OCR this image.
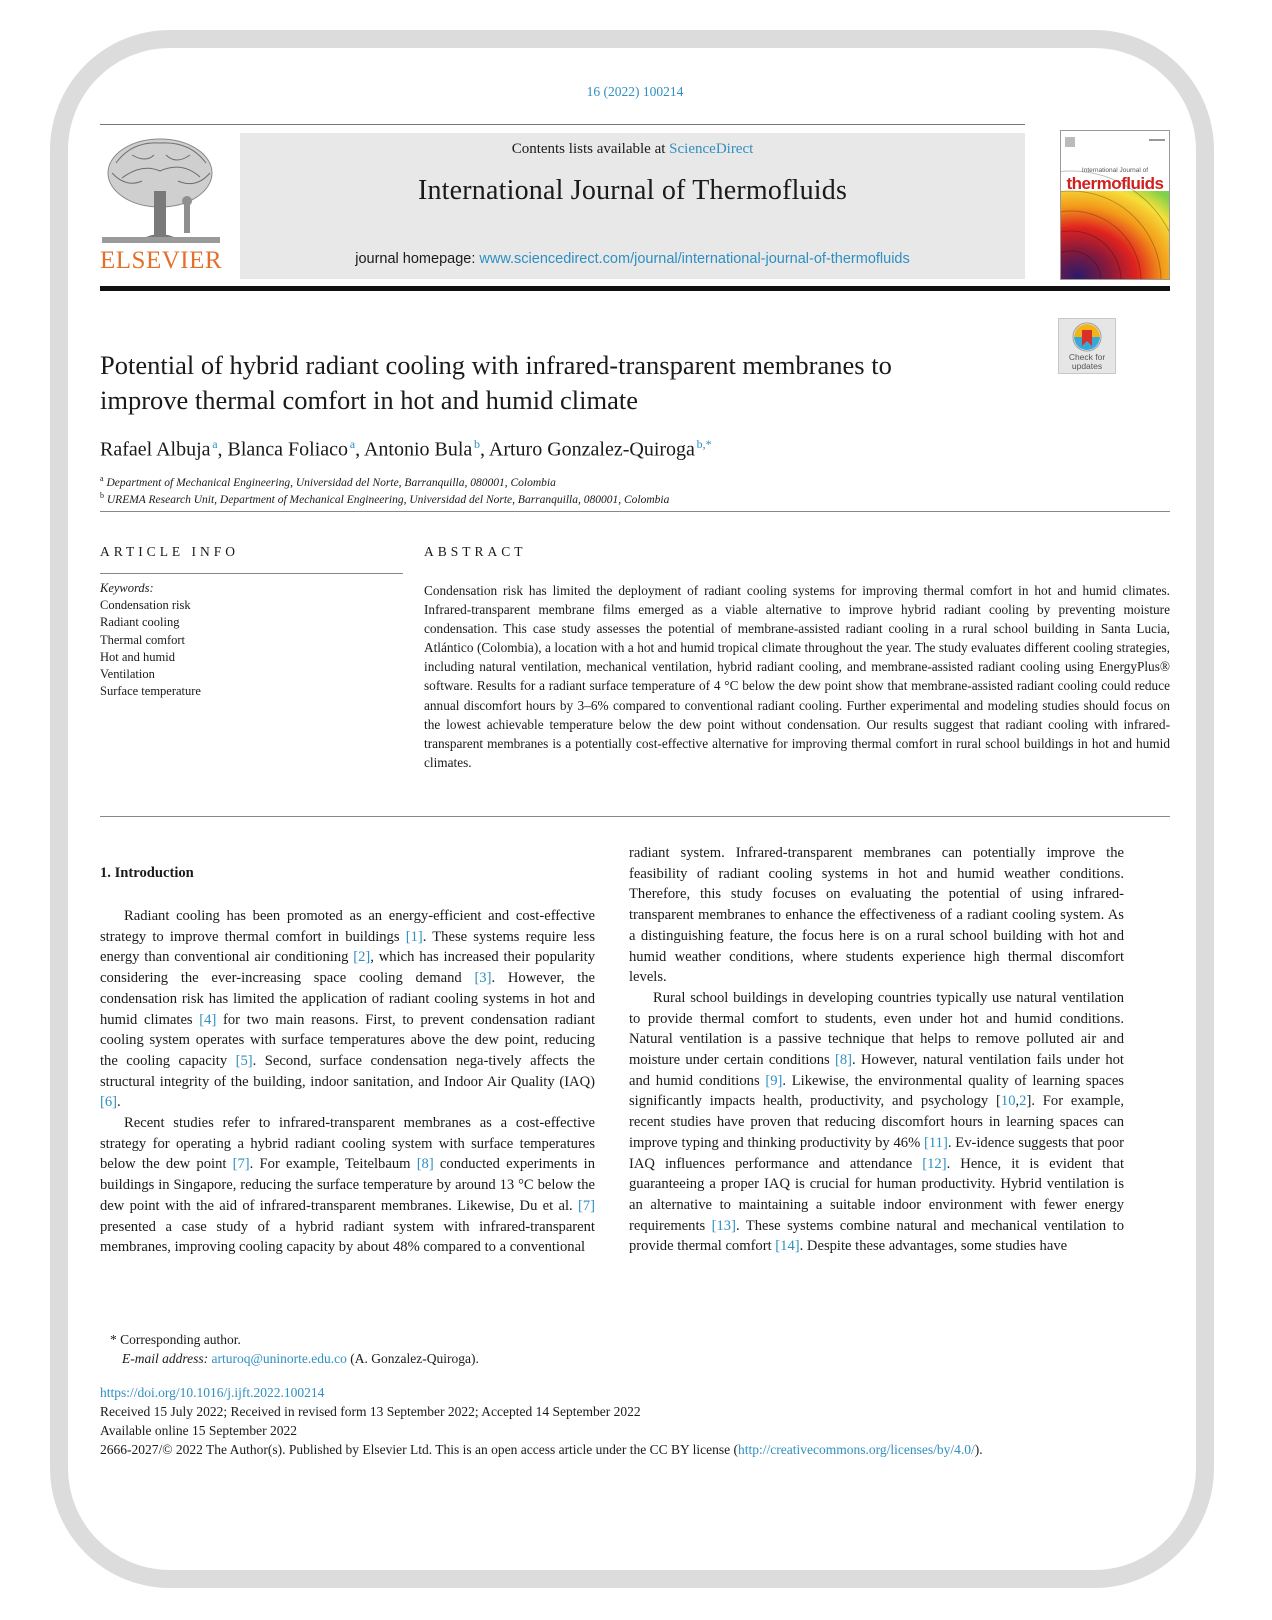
16 (2022) 100214
ELSEVIER
Contents lists available at ScienceDirect
International Journal of Thermofluids
journal homepage: www.sciencedirect.com/journal/international-journal-of-thermofluids
International Journal of
thermofluids
Check for
updates
Potential of hybrid radiant cooling with infrared-transparent membranes to
improve thermal comfort in hot and humid climate
Rafael Albuja  $^a$, Blanca Foliaco  $^a$, Antonio Bula  $^b$, Arturo Gonzalez-Quiroga  $^{b,*}$
$^a$ Department of Mechanical Engineering, Universidad del Norte, Barranquilla, 080001, Colombia
$^b$ UREMA Research Unit, Department of Mechanical Engineering, Universidad del Norte, Barranquilla, 080001, Colombia
ARTICLE INFO
Keywords:
Condensation risk
Radiant cooling
Thermal comfort
Hot and humid
Ventilation
Surface temperature
ABSTRACT

Condensation risk has limited the deployment of radiant cooling systems for improving thermal comfort in hot and humid climates. Infrared-transparent membrane films emerged as a viable alternative to improve hybrid radiant cooling by preventing moisture condensation. This case study assesses the potential of membrane-assisted radiant cooling in a rural school building in Santa Lucia, Atlántico (Colombia), a location with a hot and humid tropical climate throughout the year. The study evaluates different cooling strategies, including natural ventilation, mechanical ventilation, hybrid radiant cooling, and membrane-assisted radiant cooling using EnergyPlus® software. Results for a radiant surface temperature of 4 °C below the dew point show that membrane-assisted radiant cooling could reduce annual discomfort hours by 3–6% compared to conventional radiant cooling. Further experimental and modeling studies should focus on the lowest achievable temperature below the dew point without condensation. Our results suggest that radiant cooling with infrared-transparent membranes is a potentially cost-effective alternative for improving thermal comfort in rural school buildings in hot and humid climates.

1. Introduction

Radiant cooling has been promoted as an energy-efficient and cost-effective strategy to improve thermal comfort in buildings [1]. These systems require less energy than conventional air conditioning [2], which has increased their popularity considering the ever-increasing space cooling demand [3]. However, the condensation risk has limited the application of radiant cooling systems in hot and humid climates [4] for two main reasons. First, to prevent condensation radiant cooling system operates with surface temperatures above the dew point, reducing the cooling capacity [5]. Second, surface condensation nega-tively affects the structural integrity of the building, indoor sanitation, and Indoor Air Quality (IAQ) [6].

Recent studies refer to infrared-transparent membranes as a cost-effective strategy for operating a hybrid radiant cooling system with surface temperatures below the dew point [7]. For example, Teitelbaum [8] conducted experiments in buildings in Singapore, reducing the surface temperature by around 13 °C below the dew point with the aid of infrared-transparent membranes. Likewise, Du et al. [7] presented a case study of a hybrid radiant system with infrared-transparent membranes, improving cooling capacity by about 48% compared to a conventional

radiant system. Infrared-transparent membranes can potentially improve the feasibility of radiant cooling systems in hot and humid weather conditions. Therefore, this study focuses on evaluating the potential of using infrared-transparent membranes to enhance the effectiveness of a radiant cooling system. As a distinguishing feature, the focus here is on a rural school building with hot and humid weather conditions, where students experience high thermal discomfort levels.

Rural school buildings in developing countries typically use natural ventilation to provide thermal comfort to students, even under hot and humid conditions. Natural ventilation is a passive technique that helps to remove polluted air and moisture under certain conditions [8]. However, natural ventilation fails under hot and humid conditions [9]. Likewise, the environmental quality of learning spaces significantly impacts health, productivity, and psychology [10,2]. For example, recent studies have proven that reducing discomfort hours in learning spaces can improve typing and thinking productivity by 46% [11]. Ev-idence suggests that poor IAQ influences performance and attendance [12]. Hence, it is evident that guaranteeing a proper IAQ is crucial for human productivity. Hybrid ventilation is an alternative to maintaining a suitable indoor environment with fewer energy requirements [13]. These systems combine natural and mechanical ventilation to provide thermal comfort [14]. Despite these advantages, some studies have

* Corresponding author.
E-mail address: arturoq@uninorte.edu.co (A. Gonzalez-Quiroga).
https://doi.org/10.1016/j.ijft.2022.100214
Received 15 July 2022; Received in revised form 13 September 2022; Accepted 14 September 2022
Available online 15 September 2022
2666-2027/© 2022 The Author(s). Published by Elsevier Ltd. This is an open access article under the CC BY license (http://creativecommons.org/licenses/by/4.0/).
